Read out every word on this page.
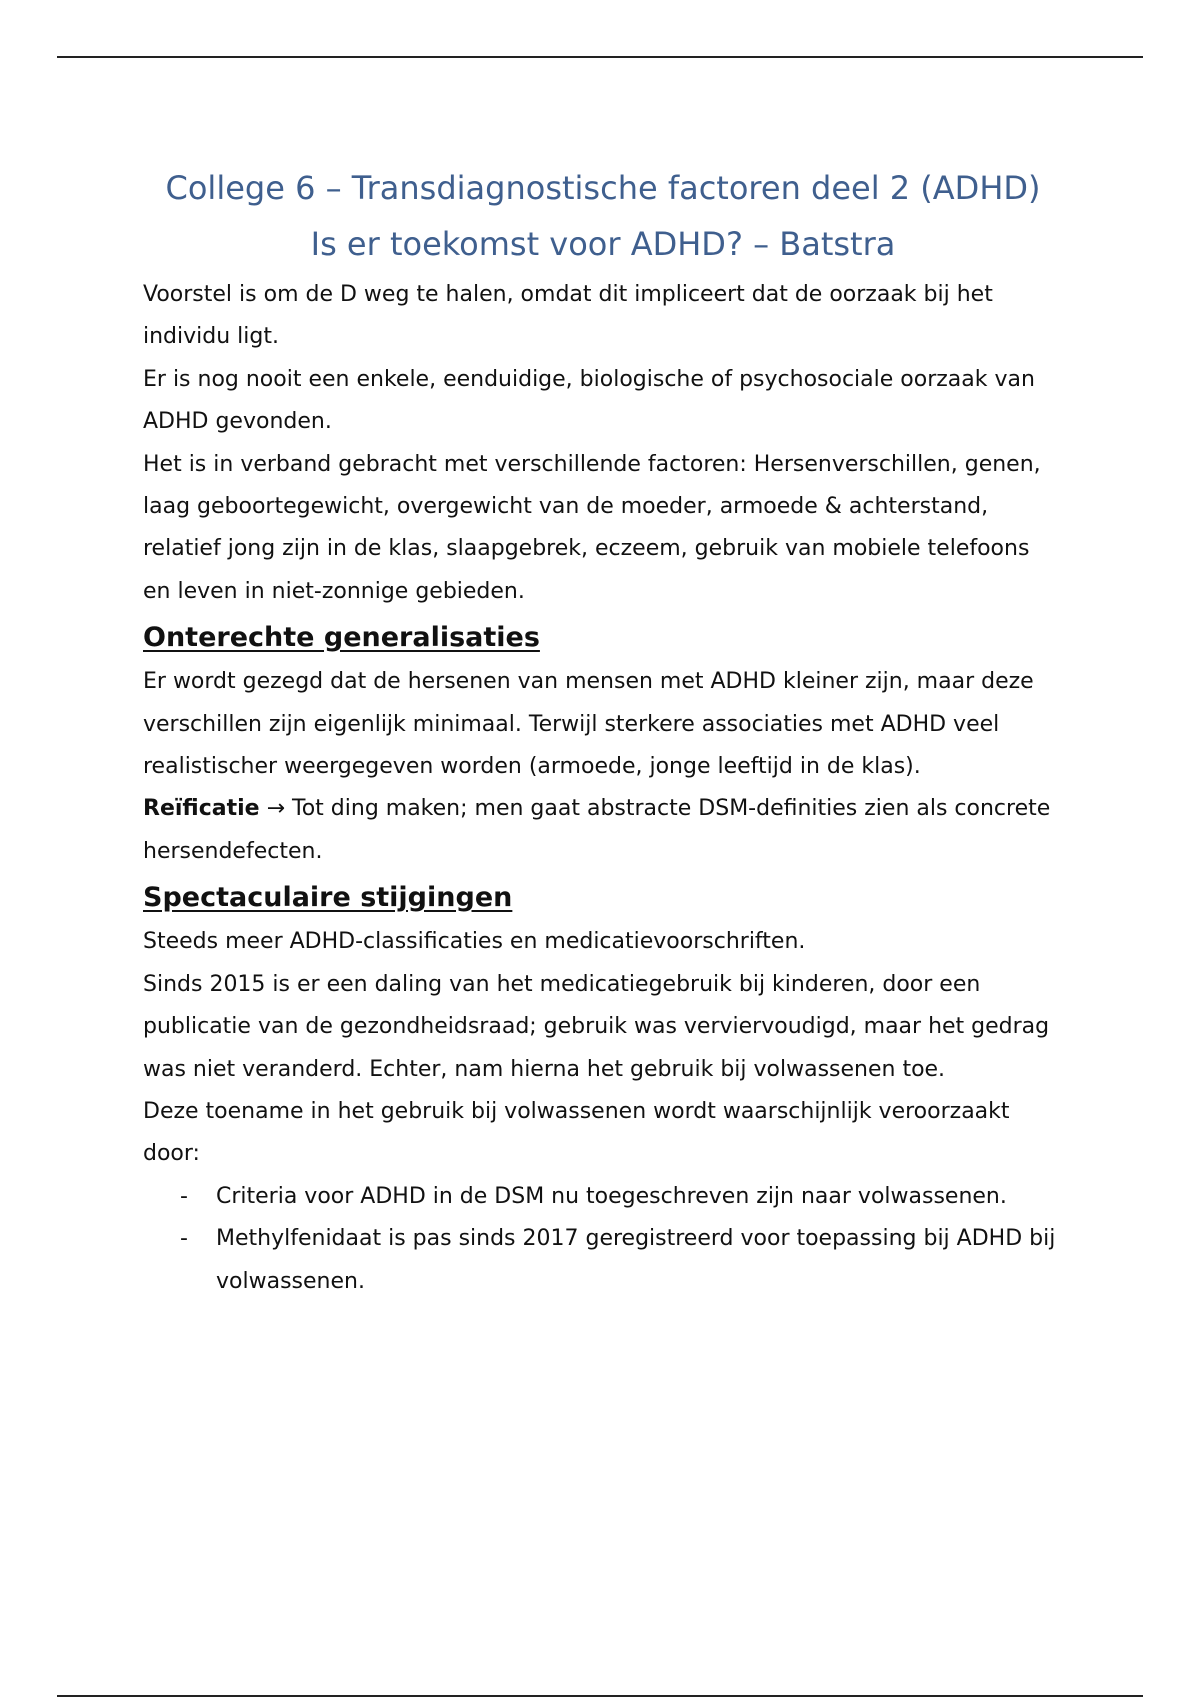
College 6 – Transdiagnostische factoren deel 2 (ADHD)
Is er toekomst voor ADHD? – Batstra

Voorstel is om de D weg te halen, omdat dit impliceert dat de oorzaak bij het individu ligt.

Er is nog nooit een enkele, eenduidige, biologische of psychosociale oorzaak van ADHD gevonden.

Het is in verband gebracht met verschillende factoren: Hersenverschillen, genen, laag geboortegewicht, overgewicht van de moeder, armoede & achterstand, relatief jong zijn in de klas, slaapgebrek, eczeem, gebruik van mobiele telefoons en leven in niet-zonnige gebieden.

Onterechte generalisaties

Er wordt gezegd dat de hersenen van mensen met ADHD kleiner zijn, maar deze verschillen zijn eigenlijk minimaal. Terwijl sterkere associaties met ADHD veel realistischer weergegeven worden (armoede, jonge leeftijd in de klas).

Reïficatie → Tot ding maken; men gaat abstracte DSM-definities zien als concrete hersendefecten.

Spectaculaire stijgingen

Steeds meer ADHD-classificaties en medicatievoorschriften.

Sinds 2015 is er een daling van het medicatiegebruik bij kinderen, door een publicatie van de gezondheidsraad; gebruik was verviervoudigd, maar het gedrag was niet veranderd. Echter, nam hierna het gebruik bij volwassenen toe.

Deze toename in het gebruik bij volwassenen wordt waarschijnlijk veroorzaakt door:

- Criteria voor ADHD in de DSM nu toegeschreven zijn naar volwassenen.
- Methylfenidaat is pas sinds 2017 geregistreerd voor toepassing bij ADHD bij volwassenen.
